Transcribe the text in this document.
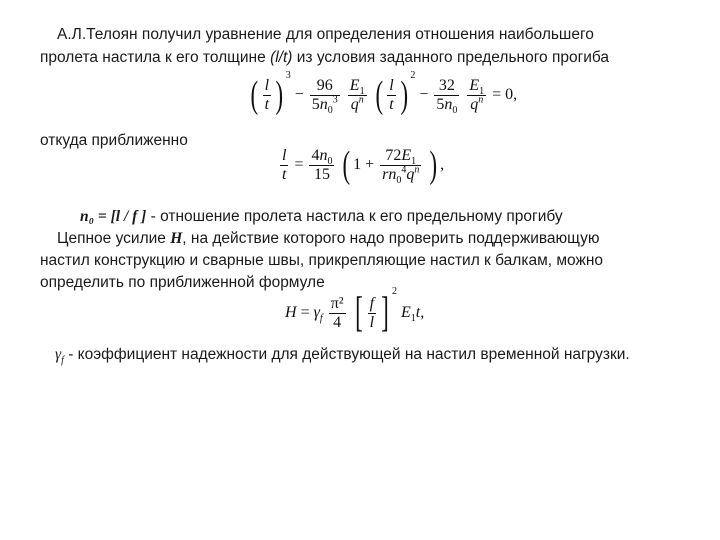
А.Л.Телоян получил уравнение для определения отношения наибольшего
пролета настила к его толщине (l/t) из условия заданного предельного прогиба
( $\frac{l}{t}$ ) $^3 - \frac{96}{5n_0^3}$
$\frac{E_1}{q^n}$ ( $\frac{l}{t}$ ) $^2 - \frac{32}{5n_0}$
$\frac{E_1}{q^n} = 0$,
откуда приближенно
$\frac{l}{t} = \frac{4n_0}{15}$ ( $1 + \frac{72E_1}{rn_0^4q^n}$ ) ,
n₀ = [l / f ] - отношение пролета настила к его предельному прогибу
Цепное усилие H, на действие которого надо проверить поддерживающую
настил конструкцию и сварные швы, прикрепляющие настил к балкам, можно
определить по приближенной формуле
$H = \gamma_f \frac{\text{π²}}{4}$ [ $\frac{f}{l}$ ] $^2$ $E_1t$,
$\gamma_f$ - коэффициент надежности для действующей на настил временной нагрузки.
